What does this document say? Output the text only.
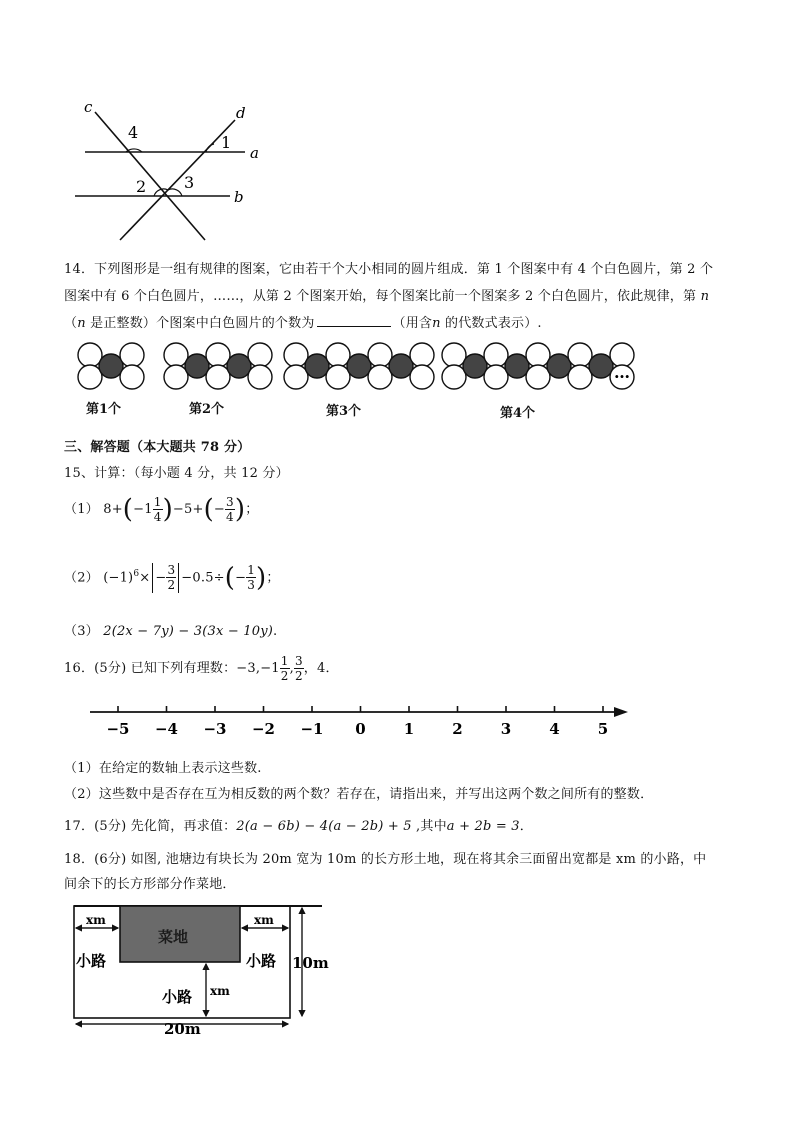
c	d
a
b
1
2 3
4
14．下列图形是一组有规律的图案，它由若干个大小相同的圆片组成．第 1 个图案中有 4 个白色圆片，第 2 个
图案中有 6 个白色圆片，……，从第 2 个图案开始，每个图案比前一个图案多 2 个白色圆片，依此规律，第 n
（n 是正整数）个图案中白色圆片的个数为	（用含n 的代数式表示）.
…
第1个	第2个	第3个	第4个
三、解答题（本大题共 78 分）
15、计算：（每小题 4 分，共 12 分）
（1） $8+(-1 \frac{1}{4} )-5+(- \frac{3}{4}$ )；
（2） $(-1)^6\times - \frac{3}{2} -0.5\div(- \frac{1}{3}$ )；
（3） 2(2x − 7y) − 3(3x − 10y).
16．(5分) 已知下列有理数：$-3,-1 \frac{1}{2}$ , $\frac{3}{2}$ ，4．
−5 −4 −3 −2 −1 0	1	2	3	4	5
（1）在给定的数轴上表示这些数.
（2）这些数中是否存在互为相反数的两个数？若存在，请指出来，并写出这两个数之间所有的整数．
17．(5分) 先化简，再求值：2(a − 6b) − 4(a − 2b) + 5 ,其中a + 2b = 3．
18．(6分) 如图, 池塘边有块长为 20m 宽为 10m 的长方形土地，现在将其余三面留出宽都是 xm 的小路，中
间余下的长方形部分作菜地．
菜地
xm	xm
小路	小路
小路 xm
10m
20m
